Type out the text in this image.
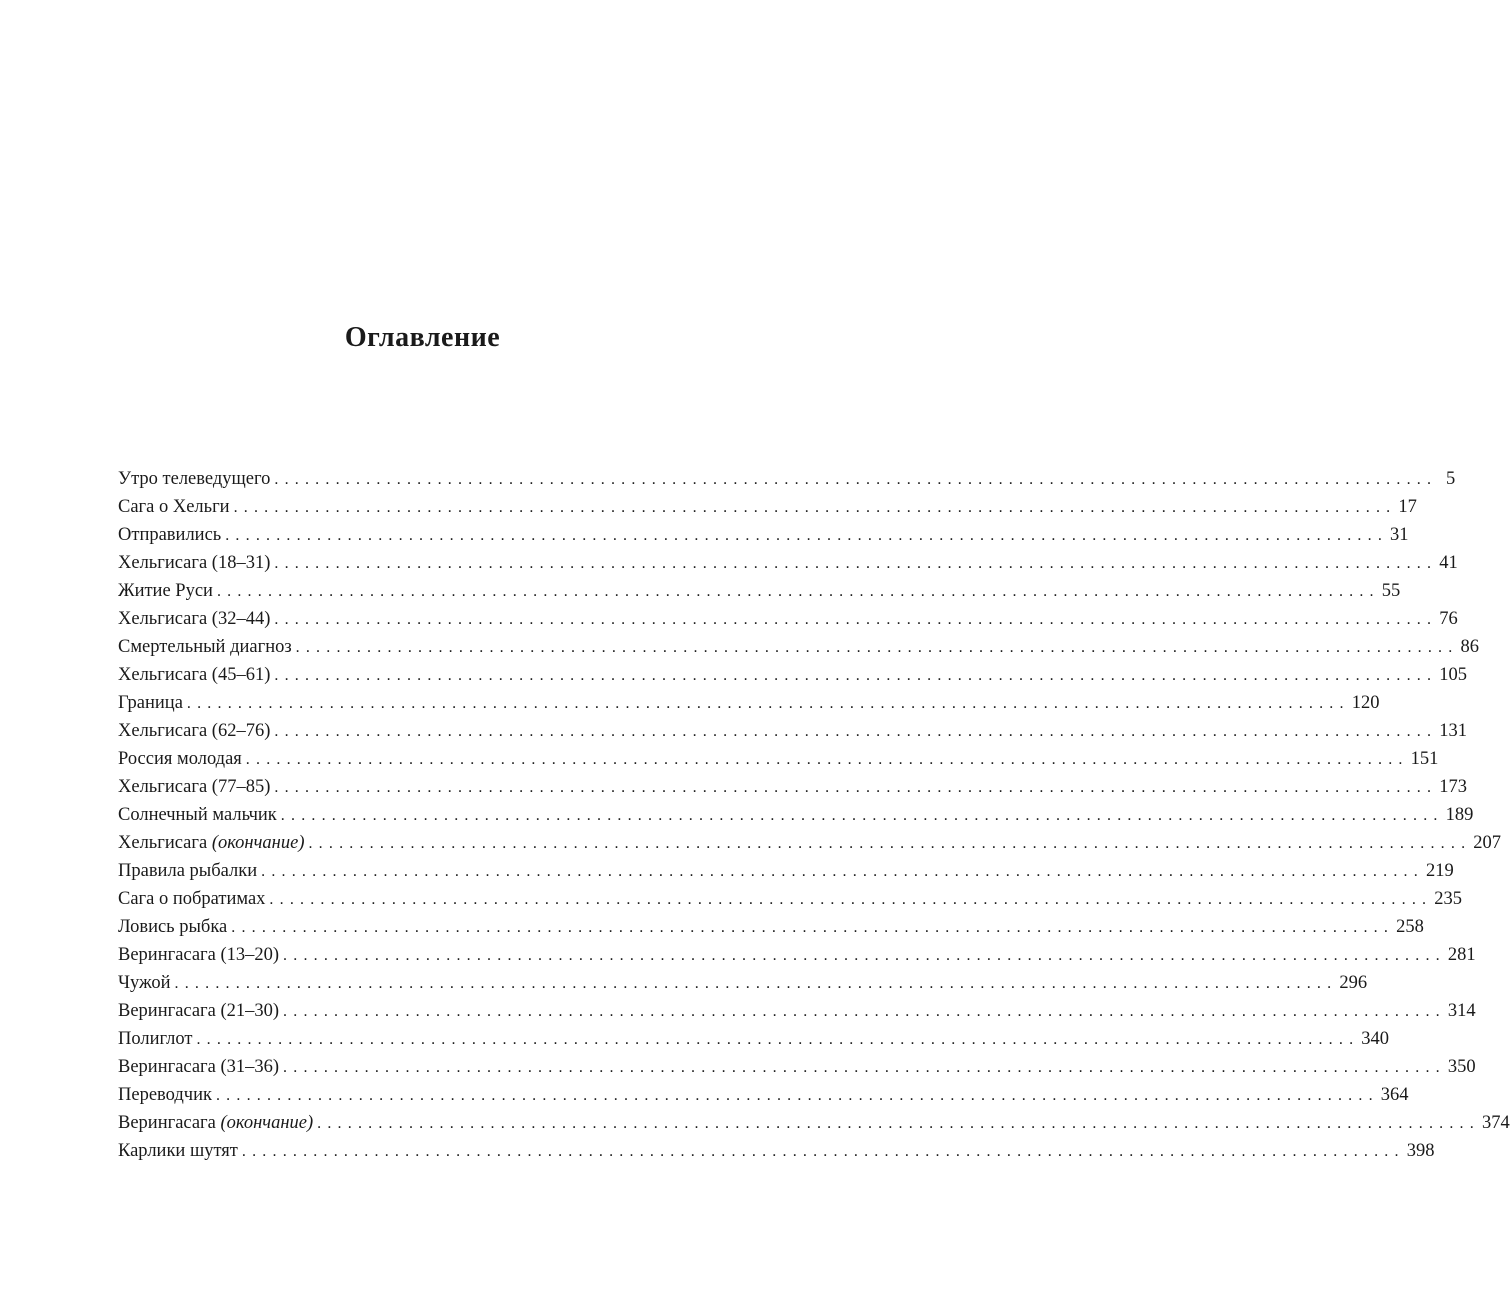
Оглавление
Утро телеведущего .................................................................................................................. 5
Сага о Хельги .................................................................................................................. 17
Отправились .................................................................................................................. 31
Хельгисага (18–31) .................................................................................................................. 41
Житие Руси .................................................................................................................. 55
Хельгисага (32–44) .................................................................................................................. 76
Смертельный диагноз .................................................................................................................. 86
Хельгисага (45–61) .................................................................................................................. 105
Граница .................................................................................................................. 120
Хельгисага (62–76) .................................................................................................................. 131
Россия молодая .................................................................................................................. 151
Хельгисага (77–85) .................................................................................................................. 173
Солнечный мальчик .................................................................................................................. 189
Хельгисага (окончание) .................................................................................................................. 207
Правила рыбалки .................................................................................................................. 219
Сага о побратимах .................................................................................................................. 235
Ловись рыбка .................................................................................................................. 258
Верингасага (13–20) .................................................................................................................. 281
Чужой .................................................................................................................. 296
Верингасага (21–30) .................................................................................................................. 314
Полиглот .................................................................................................................. 340
Верингасага (31–36) .................................................................................................................. 350
Переводчик .................................................................................................................. 364
Верингасага (окончание) .................................................................................................................. 374
Карлики шутят .................................................................................................................. 398
